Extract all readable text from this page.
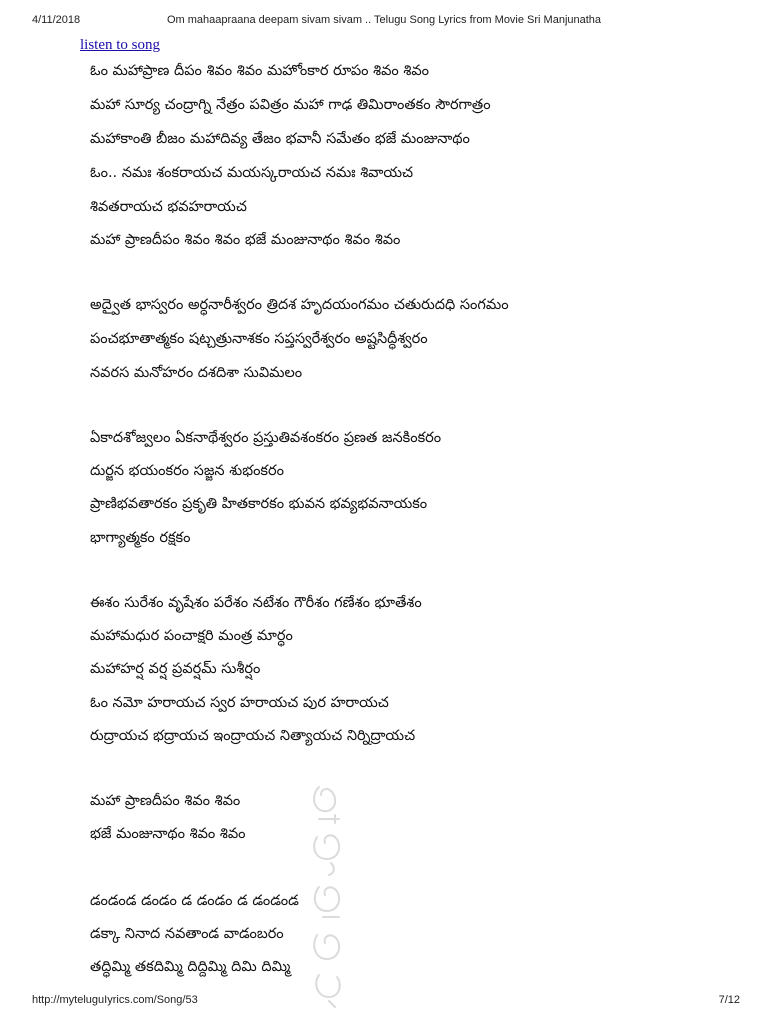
4/11/2018	Om mahaapraana deepam sivam sivam .. Telugu Song Lyrics from Movie Sri Manjunatha
listen to song
ఓం మహాప్రాణ దీపం శివం శివం మహోంకార రూపం శివం శివం
మహా సూర్య చంద్రాగ్ని నేత్రం పవిత్రం మహా గాఢ తిమిరాంతకం సౌరగాత్రం
మహాకాంతి బీజం మహాదివ్య తేజం భవానీ సమేతం భజే మంజునాథం
ఓం.. నమః శంకరాయచ మయస్కరాయచ నమః శివాయచ
శివతరాయచ భవహరాయచ
మహా ప్రాణదీపం శివం శివం భజే మంజునాథం శివం శివం
అద్వైత భాస్వరం అర్ధనారీశ్వరం త్రిదశ హృదయంగమం చతురుదధి సంగమం
పంచభూతాత్మకం షట్చత్రునాశకం సప్తస్వరేశ్వరం అష్టసిద్ధీశ్వరం
నవరస మనోహరం దశదిశా సువిమలం
ఏకాదశోజ్వలం ఏకనాథేశ్వరం ప్రస్తుతివశంకరం ప్రణత జనకింకరం
దుర్జన భయంకరం సజ్జన శుభంకరం
ప్రాణిభవతారకం ప్రకృతి హితకారకం భువన భవ్యభవనాయకం
భాగ్యాత్మకం రక్షకం
ఈశం సురేశం వృషేశం పరేశం నటేశం గౌరీశం గణేశం భూతేశం
మహామధుర పంచాక్షరి మంత్ర మార్ధం
మహాహర్ష వర్ష ప్రవర్షమ్ సుశీర్షం
ఓం నమో హరాయచ స్వర హరాయచ పుర హరాయచ
రుద్రాయచ భద్రాయచ ఇంద్రాయచ నిత్యాయచ నిర్నిద్రాయచ
మహా ప్రాణదీపం శివం శివం
భజే మంజునాథం శివం శివం
డండండ డండం డ డండం డ డండండ
డక్కా నినాద నవతాండ వాడంబరం
తద్ధిమ్మి తకదిమ్మి దిద్దిమ్మి దిమి దిమ్మి
http://myteluguIyrics.com/Song/53	7/12
